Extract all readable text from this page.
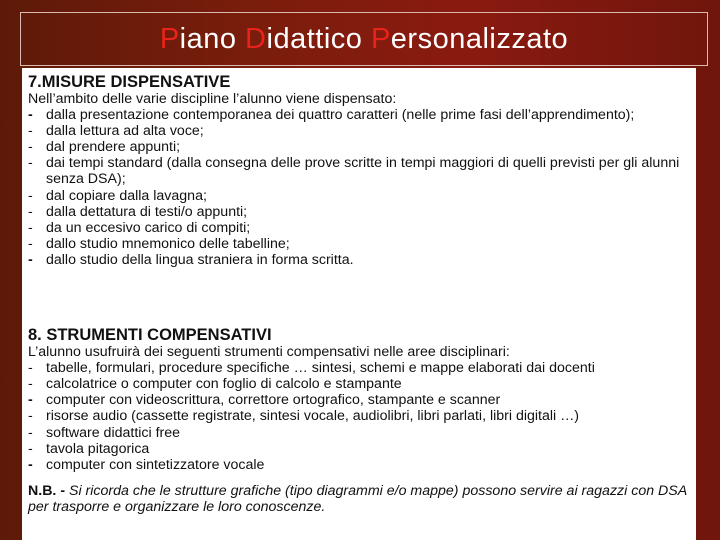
Piano
Didattico
Personalizzato
7.MISURE DISPENSATIVE

Nell’ambito delle varie discipline l’alunno viene dispensato:

- dalla presentazione contemporanea dei quattro caratteri (nelle prime fasi dell’apprendimento);
- dalla lettura ad alta voce;
- dal prendere appunti;
- dai tempi standard (dalla consegna delle prove scritte in tempi maggiori di quelli previsti per gli alunni senza DSA);
- dal copiare dalla lavagna;
- dalla dettatura di testi/o appunti;
- da un eccesivo carico di compiti;
- dallo studio mnemonico delle tabelline;
- dallo studio della lingua straniera in forma scritta.
8. STRUMENTI COMPENSATIVI

L’alunno usufruirà dei seguenti strumenti compensativi nelle aree disciplinari:

- tabelle, formulari, procedure specifiche … sintesi, schemi e mappe elaborati dai docenti
- calcolatrice o computer con foglio di calcolo e stampante
- computer con videoscrittura, correttore ortografico, stampante e scanner
- risorse audio (cassette registrate, sintesi vocale, audiolibri, libri parlati, libri digitali …)
- software didattici free
- tavola pitagorica
- computer con sintetizzatore vocale
N.B. - Si ricorda che le strutture grafiche (tipo diagrammi e/o mappe) possono servire ai ragazzi con DSA per trasporre e organizzare le loro conoscenze.
